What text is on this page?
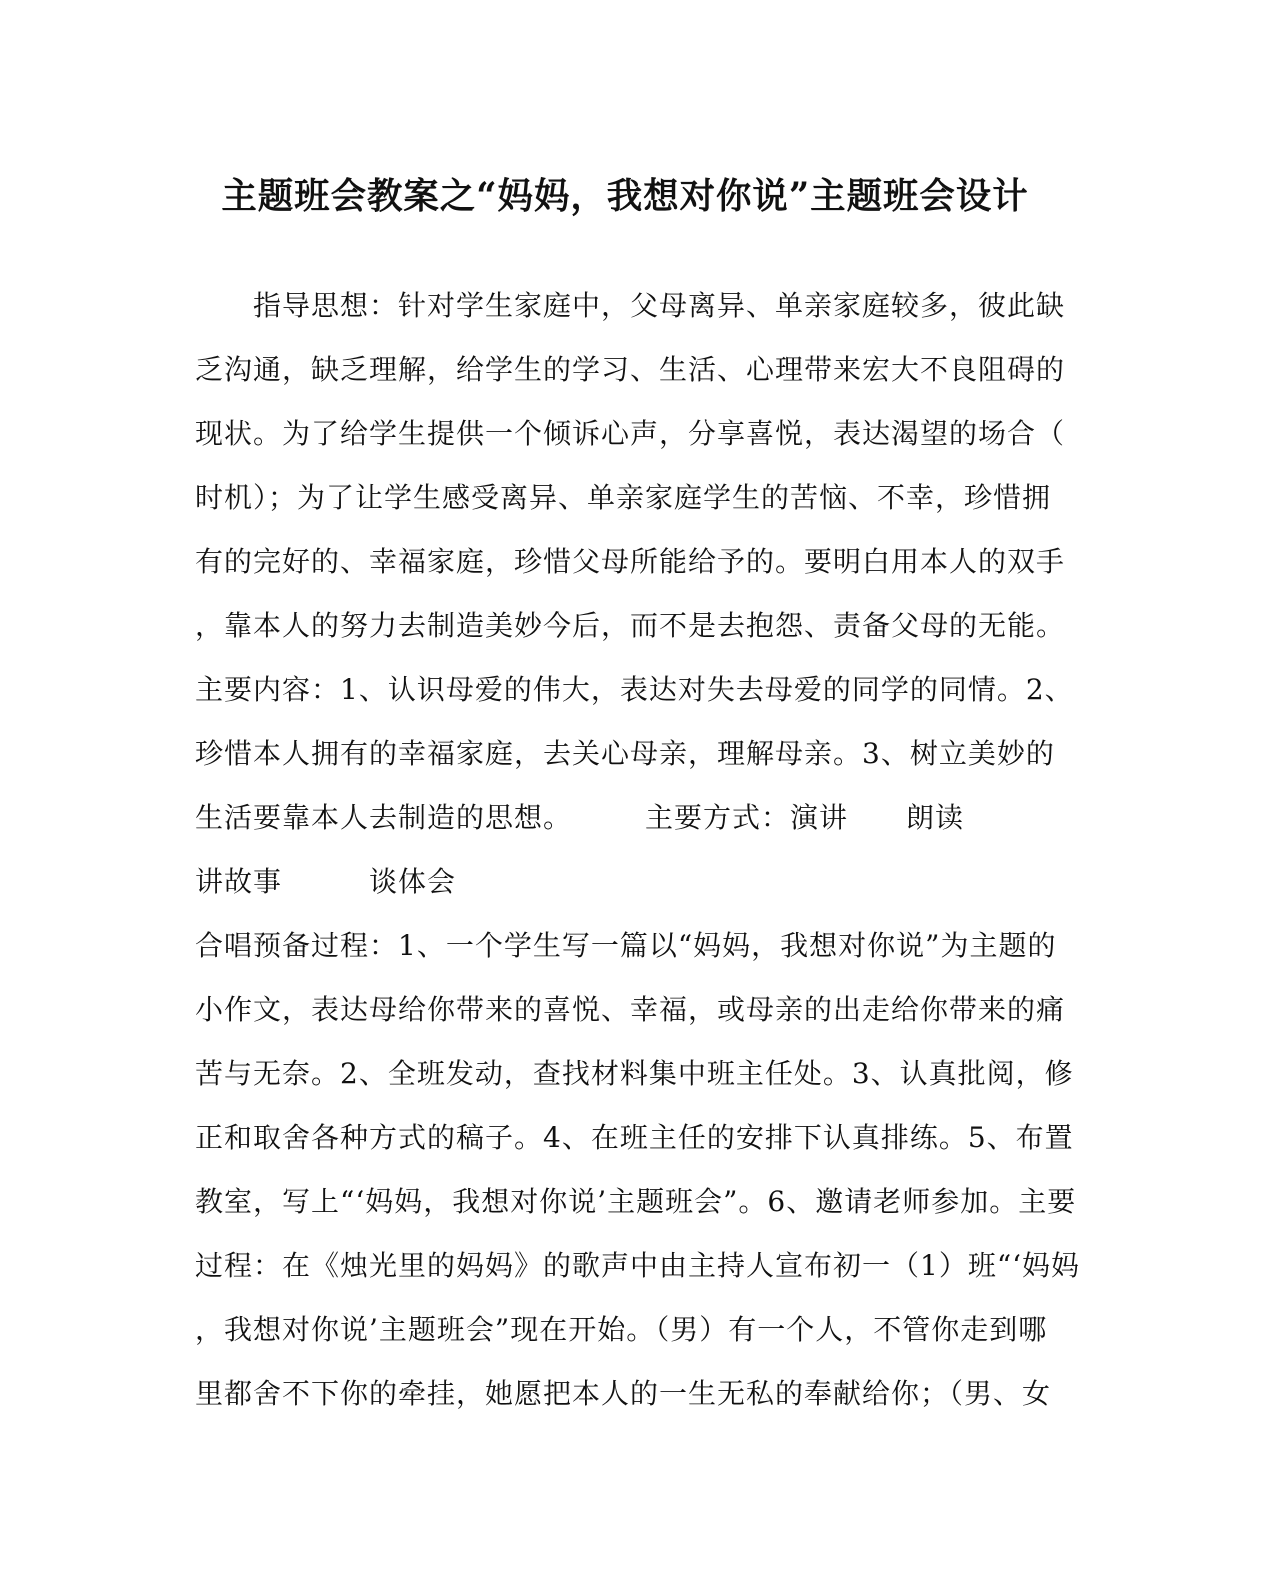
主题班会教案之“妈妈，我想对你说”主题班会设计
　　指导思想：针对学生家庭中，父母离异、单亲家庭较多，彼此缺
乏沟通，缺乏理解，给学生的学习、生活、心理带来宏大不良阻碍的
现状。为了给学生提供一个倾诉心声，分享喜悦，表达渴望的场合（
时机）；为了让学生感受离异、单亲家庭学生的苦恼、不幸，珍惜拥
有的完好的、幸福家庭，珍惜父母所能给予的。要明白用本人的双手
，靠本人的努力去制造美妙今后，而不是去抱怨、责备父母的无能。
主要内容：1、认识母爱的伟大，表达对失去母爱的同学的同情。2、
珍惜本人拥有的幸福家庭，去关心母亲，理解母亲。3、树立美妙的
生活要靠本人去制造的思想。　　　主要方式：演讲　　朗读
讲故事　　　谈体会
合唱预备过程：1、一个学生写一篇以“妈妈，我想对你说”为主题的
小作文，表达母给你带来的喜悦、幸福，或母亲的出走给你带来的痛
苦与无奈。2、全班发动，查找材料集中班主任处。3、认真批阅，修
正和取舍各种方式的稿子。4、在班主任的安排下认真排练。5、布置
教室，写上“‘妈妈，我想对你说’主题班会”。6、邀请老师参加。主要
过程：在《烛光里的妈妈》的歌声中由主持人宣布初一（1）班“‘妈妈
，我想对你说’主题班会”现在开始。（男）有一个人，不管你走到哪
里都舍不下你的牵挂，她愿把本人的一生无私的奉献给你；（男、女
